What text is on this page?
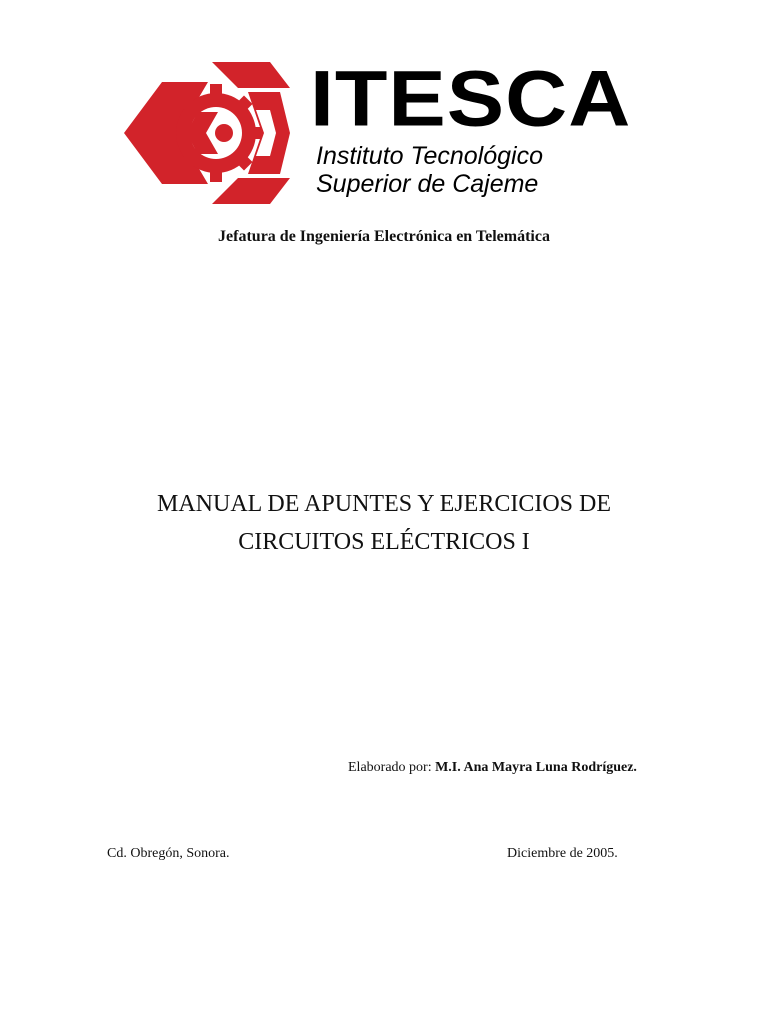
ITESCA
Instituto Tecnológico
Superior de Cajeme
Jefatura de Ingeniería Electrónica en Telemática
MANUAL DE APUNTES Y EJERCICIOS DE
CIRCUITOS ELÉCTRICOS I
Elaborado por: M.I. Ana Mayra Luna Rodríguez.
Cd. Obregón, Sonora.	Diciembre de 2005.
